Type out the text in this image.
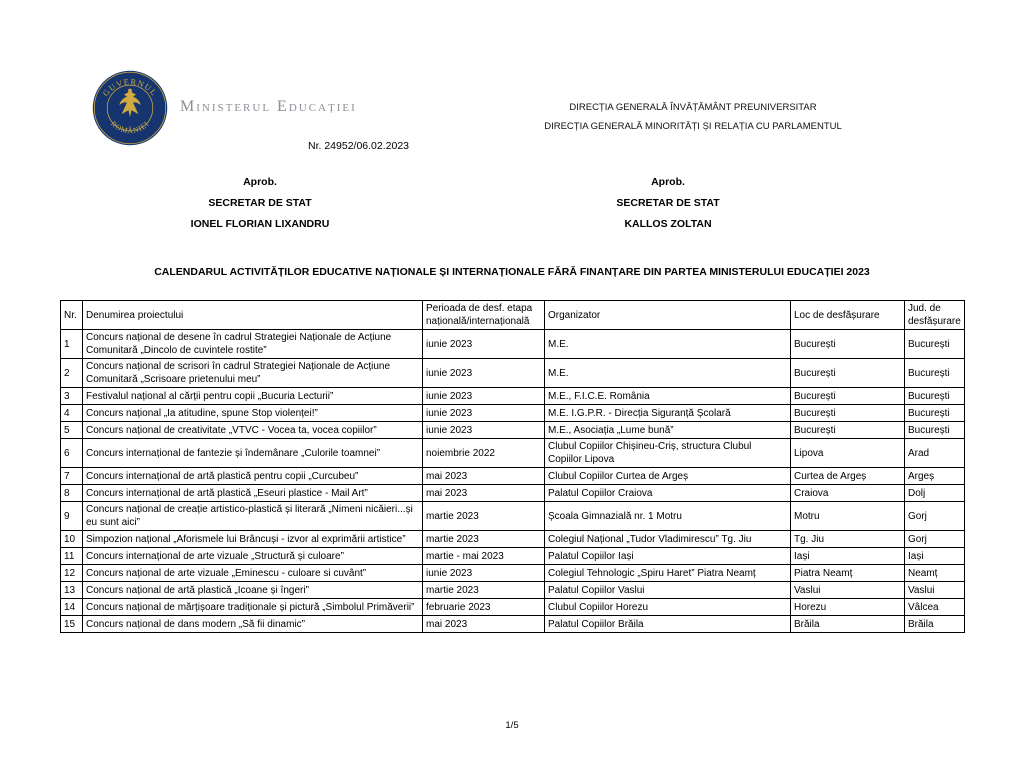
GUVERNUL
ROMÂNIEI
Ministerul Educației	DIRECȚIA GENERALĂ ÎNVĂȚĂMÂNT PREUNIVERSITAR
DIRECȚIA GENERALĂ MINORITĂȚI ȘI RELAȚIA CU PARLAMENTUL
Nr. 24952/06.02.2023
Aprob.
SECRETAR DE STAT
IONEL FLORIAN LIXANDRU
Aprob.
SECRETAR DE STAT
KALLOS ZOLTAN
CALENDARUL ACTIVITĂȚILOR EDUCATIVE NAȚIONALE ȘI INTERNAȚIONALE FĂRĂ FINANȚARE DIN PARTEA MINISTERULUI EDUCAȚIEI 2023
Nr.	Denumirea proiectului	Perioada de desf. etapa națională/internațională	Organizator	Loc de desfășurare	Jud. de desfășurare
1	Concurs național de desene în cadrul Strategiei Naționale de Acțiune Comunitară „Dincolo de cuvintele rostite”	iunie 2023	M.E.	București	București
2	Concurs național de scrisori în cadrul Strategiei Naționale de Acțiune Comunitară „Scrisoare prietenului meu”	iunie 2023	M.E.	București	București
3	Festivalul național al cărții pentru copii „Bucuria Lecturii”	iunie 2023	M.E., F.I.C.E. România	București	București
4	Concurs național „Ia atitudine, spune Stop violenței!”	iunie 2023	M.E. I.G.P.R. - Direcția Siguranță Școlară	București	București
5	Concurs național de creativitate „VTVC - Vocea ta, vocea copiilor”	iunie 2023	M.E., Asociația „Lume bună”	București	București
6	Concurs internațional de fantezie și îndemânare „Culorile toamnei”	noiembrie 2022	Clubul Copiilor Chișineu-Criș, structura Clubul Copiilor Lipova	Lipova	Arad
7	Concurs internațional de artă plastică pentru copii „Curcubeu”	mai 2023	Clubul Copiilor Curtea de Argeș	Curtea de Argeș	Argeș
8	Concurs internațional de artă plastică „Eseuri plastice - Mail Art”	mai 2023	Palatul Copiilor Craiova	Craiova	Dolj
9	Concurs național de creație artistico-plastică și literară „Nimeni nicăieri...și eu sunt aici”	martie 2023	Școala Gimnazială nr. 1 Motru	Motru	Gorj
10	Simpozion național „Aforismele lui Brâncuși - izvor al exprimării artistice”	martie 2023	Colegiul Național „Tudor Vladimirescu” Tg. Jiu	Tg. Jiu	Gorj
11	Concurs internațional de arte vizuale „Structură și culoare”	martie - mai 2023	Palatul Copiilor Iași	Iași	Iași
12	Concurs național de arte vizuale „Eminescu - culoare si cuvânt”	iunie 2023	Colegiul Tehnologic „Spiru Haret” Piatra Neamț	Piatra Neamț	Neamț
13	Concurs național de artă plastică „Icoane și îngeri”	martie 2023	Palatul Copiilor Vaslui	Vaslui	Vaslui
14	Concurs național de mărțișoare tradiționale și pictură „Simbolul Primăverii”	februarie 2023	Clubul Copiilor Horezu	Horezu	Vâlcea
15	Concurs național de dans modern „Să fii dinamic”	mai 2023	Palatul Copiilor Brăila	Brăila	Brăila
1/5
